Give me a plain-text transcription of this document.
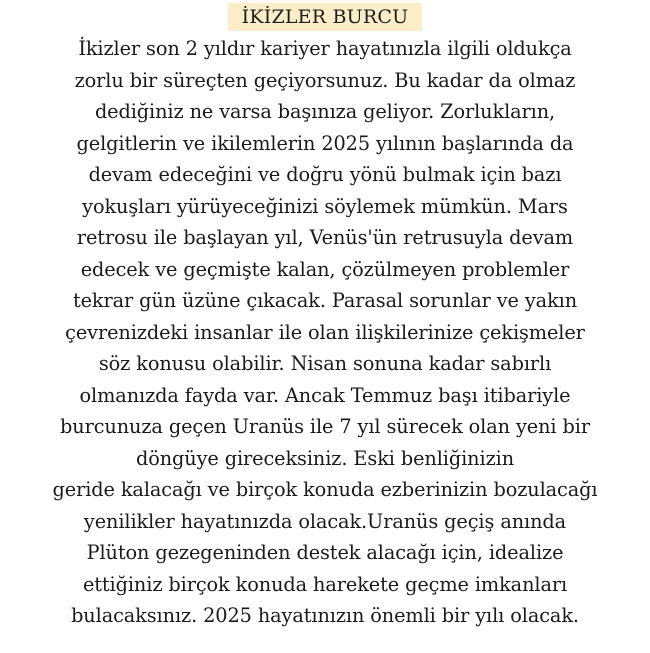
İKİZLER BURCU

İkizler son 2 yıldır kariyer hayatınızla ilgili oldukça
zorlu bir süreçten geçiyorsunuz. Bu kadar da olmaz
dediğiniz ne varsa başınıza geliyor. Zorlukların,
gelgitlerin ve ikilemlerin 2025 yılının başlarında da
devam edeceğini ve doğru yönü bulmak için bazı
yokuşları yürüyeceğinizi söylemek mümkün. Mars
retrosu ile başlayan yıl, Venüs'ün retrusuyla devam
edecek ve geçmişte kalan, çözülmeyen problemler
tekrar gün üzüne çıkacak. Parasal sorunlar ve yakın
çevrenizdeki insanlar ile olan ilişkilerinize çekişmeler
söz konusu olabilir. Nisan sonuna kadar sabırlı
olmanızda fayda var. Ancak Temmuz başı itibariyle
burcunuza geçen Uranüs ile 7 yıl sürecek olan yeni bir
döngüye gireceksiniz. Eski benliğinizin
geride kalacağı ve birçok konuda ezberinizin bozulacağı
yenilikler hayatınızda olacak.Uranüs geçiş anında
Plüton gezegeninden destek alacağı için, idealize
ettiğiniz birçok konuda harekete geçme imkanları
bulacaksınız. 2025 hayatınızın önemli bir yılı olacak.
